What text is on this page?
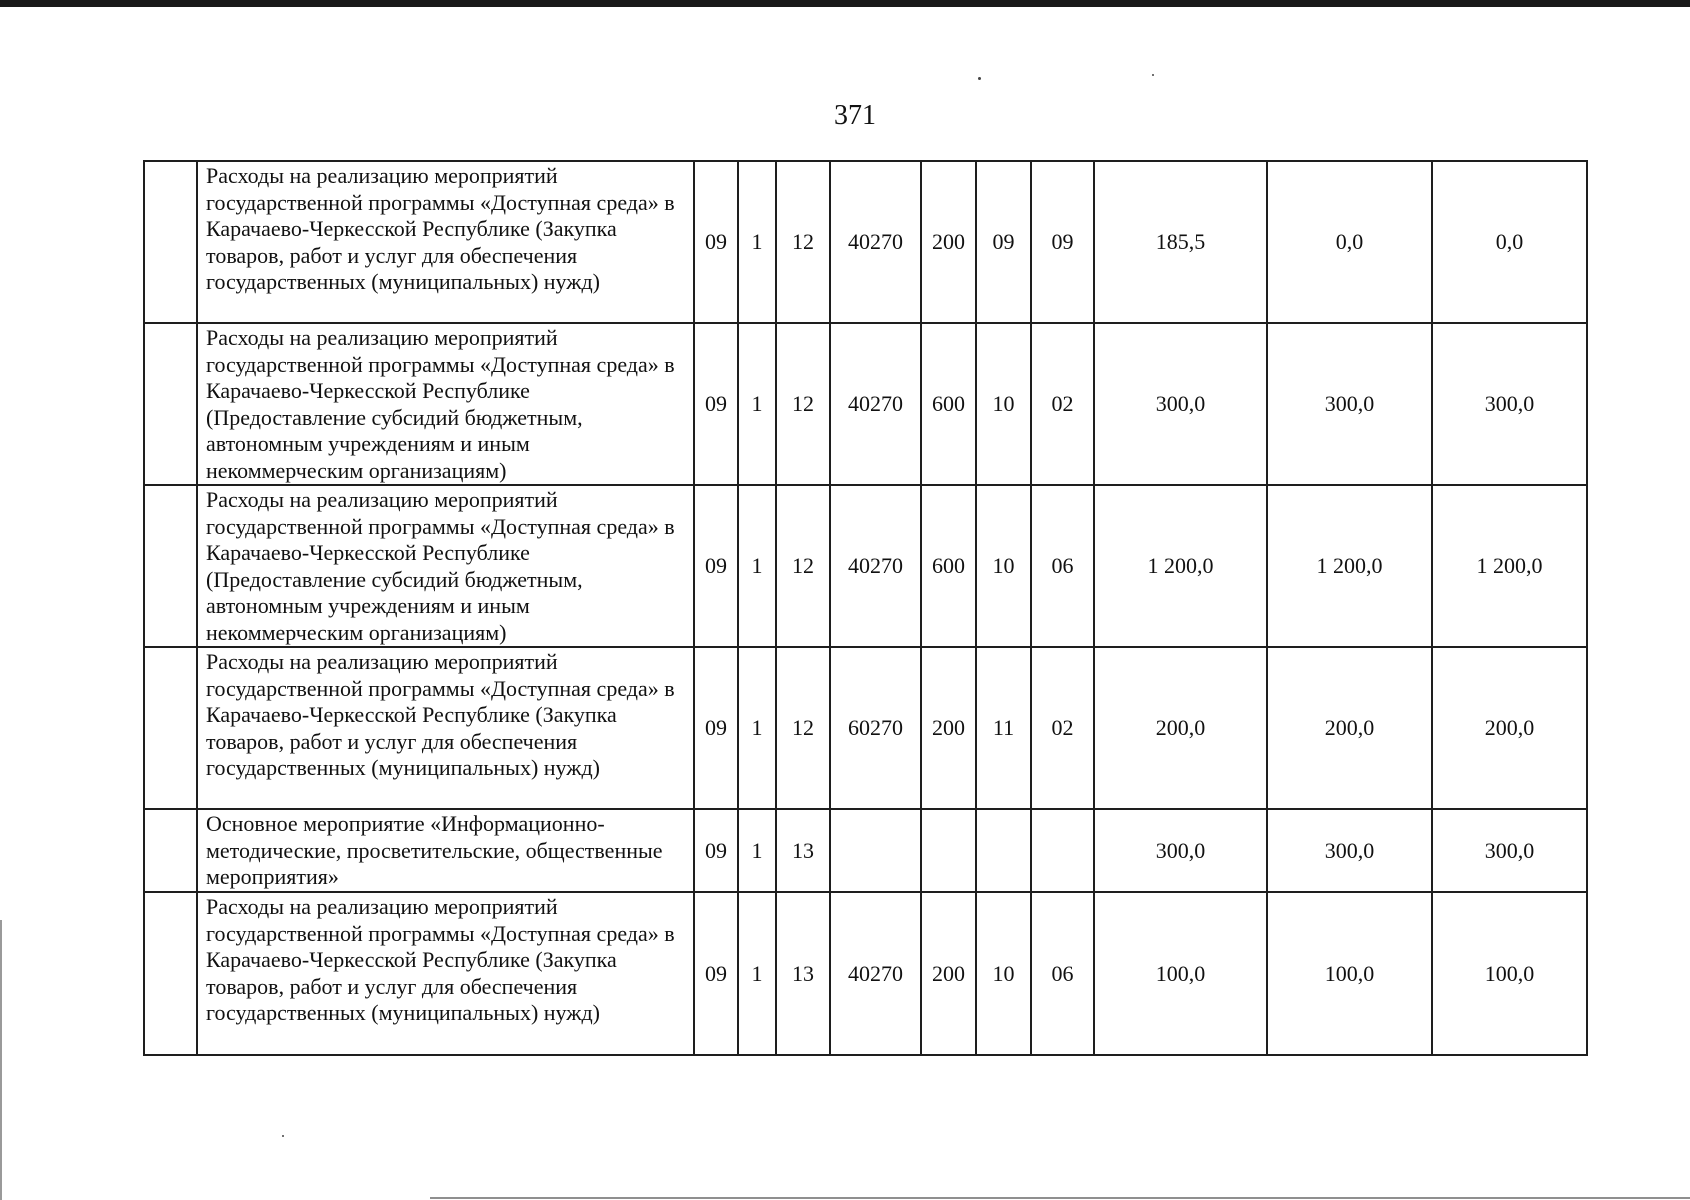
371
	Расходы на реализацию мероприятий государственной программы «Доступная среда» в Карачаево-Черкесской Республике (Закупка товаров, работ и услуг для обеспечения государственных (муниципальных) нужд)	09	1	12	40270	200	09	09	185,5	0,0	0,0
	Расходы на реализацию мероприятий государственной программы «Доступная среда» в Карачаево-Черкесской Республике (Предоставление субсидий бюджетным, автономным учреждениям и иным некоммерческим организациям)	09	1	12	40270	600	10	02	300,0	300,0	300,0
	Расходы на реализацию мероприятий государственной программы «Доступная среда» в Карачаево-Черкесской Республике (Предоставление субсидий бюджетным, автономным учреждениям и иным некоммерческим организациям)	09	1	12	40270	600	10	06	1 200,0	1 200,0	1 200,0
	Расходы на реализацию мероприятий государственной программы «Доступная среда» в Карачаево-Черкесской Республике (Закупка товаров, работ и услуг для обеспечения государственных (муниципальных) нужд)	09	1	12	60270	200	11	02	200,0	200,0	200,0
	Основное мероприятие «Информационно-методические, просветительские, общественные мероприятия»	09	1	13					300,0	300,0	300,0
	Расходы на реализацию мероприятий государственной программы «Доступная среда» в Карачаево-Черкесской Республике (Закупка товаров, работ и услуг для обеспечения государственных (муниципальных) нужд)	09	1	13	40270	200	10	06	100,0	100,0	100,0
